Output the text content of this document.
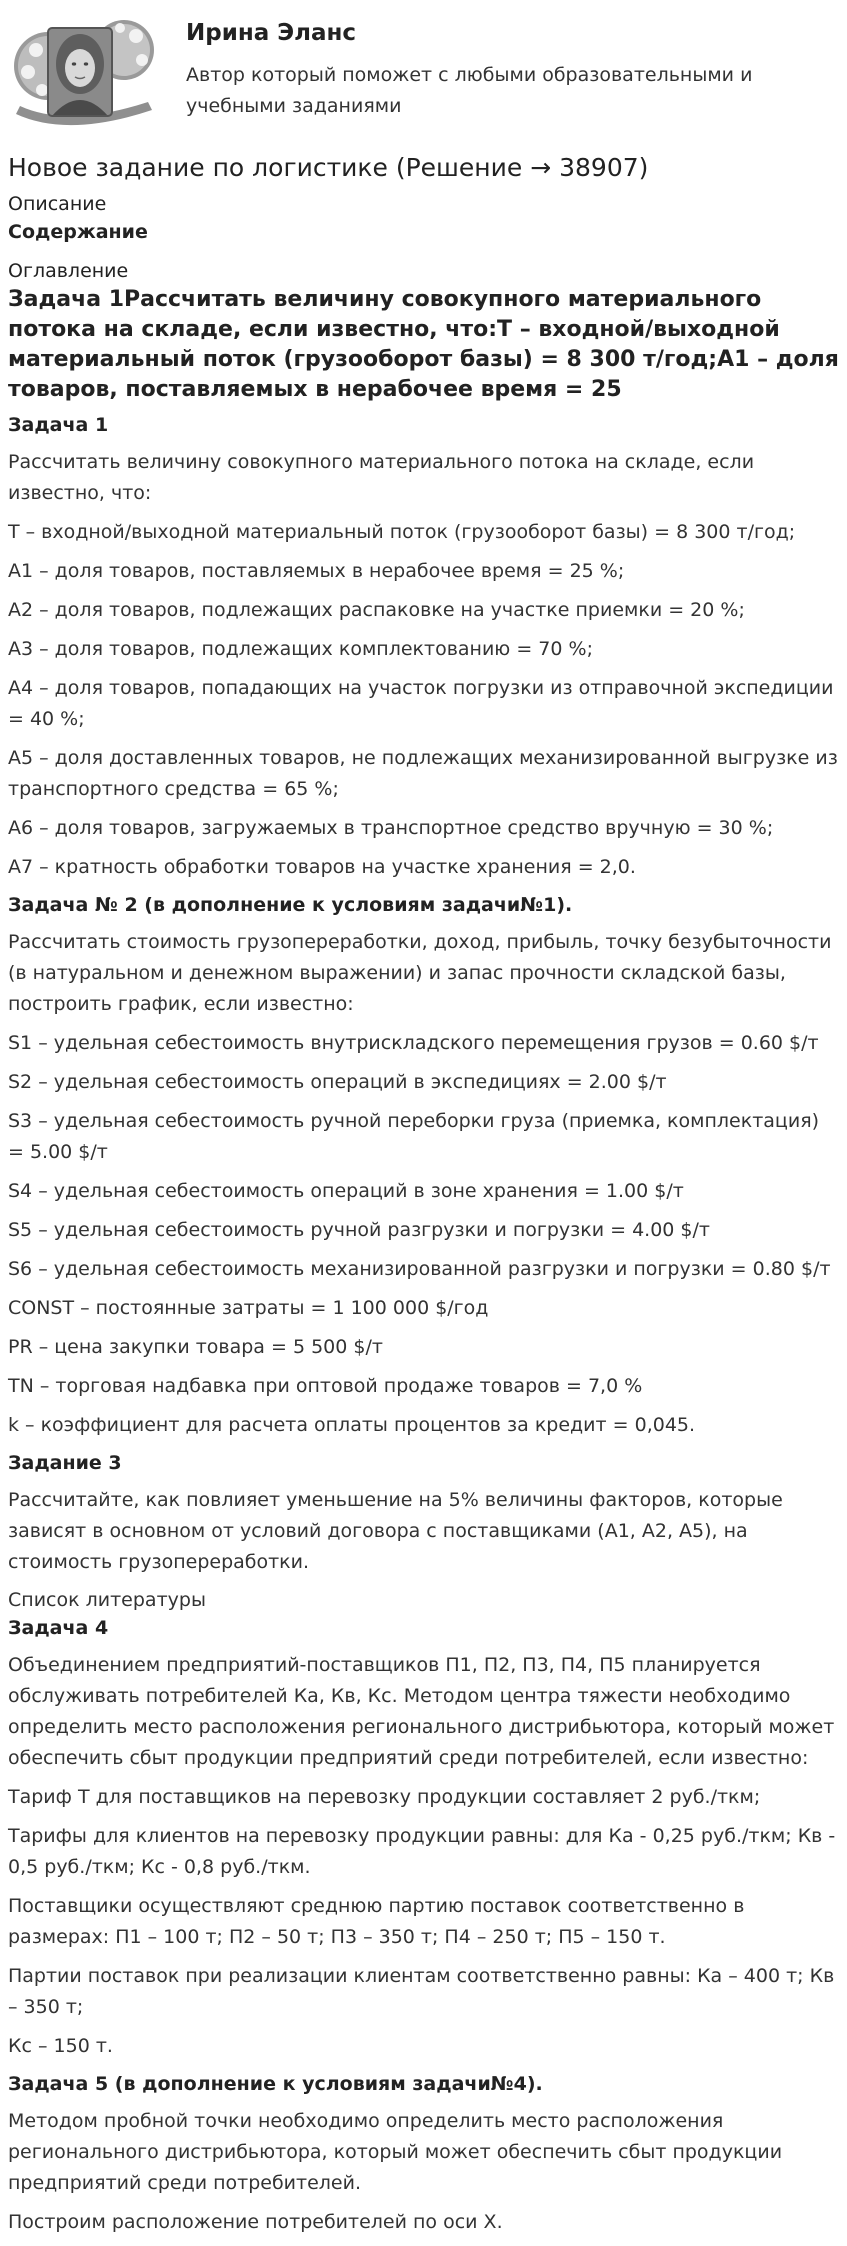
Ирина Эланс
Автор который поможет с любыми образовательными и учебными заданиями
Новое задание по логистике (Решение → 38907)
Описание
Содержание
Оглавление
Задача 1Рассчитать величину совокупного материального потока на складе, если известно, что:Т – входной/выходной материальный поток (грузооборот базы) = 8 300 т/год;А1 – доля товаров, поставляемых в нерабочее время = 25
Задача 1

Рассчитать величину совокупного материального потока на складе, если известно, что:

Т – входной/выходной материальный поток (грузооборот базы) = 8 300 т/год;

А1 – доля товаров, поставляемых в нерабочее время = 25 %;

А2 – доля товаров, подлежащих распаковке на участке приемки = 20 %;

А3 – доля товаров, подлежащих комплектованию = 70 %;

А4 – доля товаров, попадающих на участок погрузки из отправочной экспедиции = 40 %;

А5 – доля доставленных товаров, не подлежащих механизированной выгрузке из транспортного средства = 65 %;

А6 – доля товаров, загружаемых в транспортное средство вручную = 30 %;

А7 – кратность обработки товаров на участке хранения = 2,0.

Задача № 2 (в дополнение к условиям задачи№1).

Рассчитать стоимость грузопереработки, доход, прибыль, точку безубыточности (в натуральном и денежном выражении) и запас прочности складской базы, построить график, если известно:

S1 – удельная себестоимость внутрискладского перемещения грузов = 0.60 $/т

S2 – удельная себестоимость операций в экспедициях = 2.00 $/т

S3 – удельная себестоимость ручной переборки груза (приемка, комплектация) = 5.00 $/т

S4 – удельная себестоимость операций в зоне хранения = 1.00 $/т

S5 – удельная себестоимость ручной разгрузки и погрузки = 4.00 $/т

S6 – удельная себестоимость механизированной разгрузки и погрузки = 0.80 $/т

CONST – постоянные затраты = 1 100 000 $/год

PR – цена закупки товара = 5 500 $/т

TN – торговая надбавка при оптовой продаже товаров = 7,0 %

k – коэффициент для расчета оплаты процентов за кредит = 0,045.

Задание 3

Рассчитайте, как повлияет уменьшение на 5% величины факторов, которые зависят в основном от условий договора с поставщиками (А1, А2, А5), на стоимость грузопереработки.

Список литературы
Задача 4

Объединением предприятий-поставщиков П1, П2, П3, П4, П5 планируется обслуживать потребителей Ка, Кв, Кс. Методом центра тяжести необходимо определить место расположения регионального дистрибьютора, который может обеспечить сбыт продукции предприятий среди потребителей, если известно:

Тариф Т для поставщиков на перевозку продукции составляет 2 руб./ткм;

Тарифы для клиентов на перевозку продукции равны: для Ка - 0,25 руб./ткм; Кв - 0,5 руб./ткм; Кс - 0,8 руб./ткм.

Поставщики осуществляют среднюю партию поставок соответственно в размерах: П1 – 100 т; П2 – 50 т; П3 – 350 т; П4 – 250 т; П5 – 150 т.

Партии поставок при реализации клиентам соответственно равны: Ка – 400 т; Кв – 350 т;

Кс – 150 т.

Задача 5 (в дополнение к условиям задачи№4).

Методом пробной точки необходимо определить место расположения регионального дистрибьютора, который может обеспечить сбыт продукции предприятий среди потребителей.

Построим расположение потребителей по оси Х.
